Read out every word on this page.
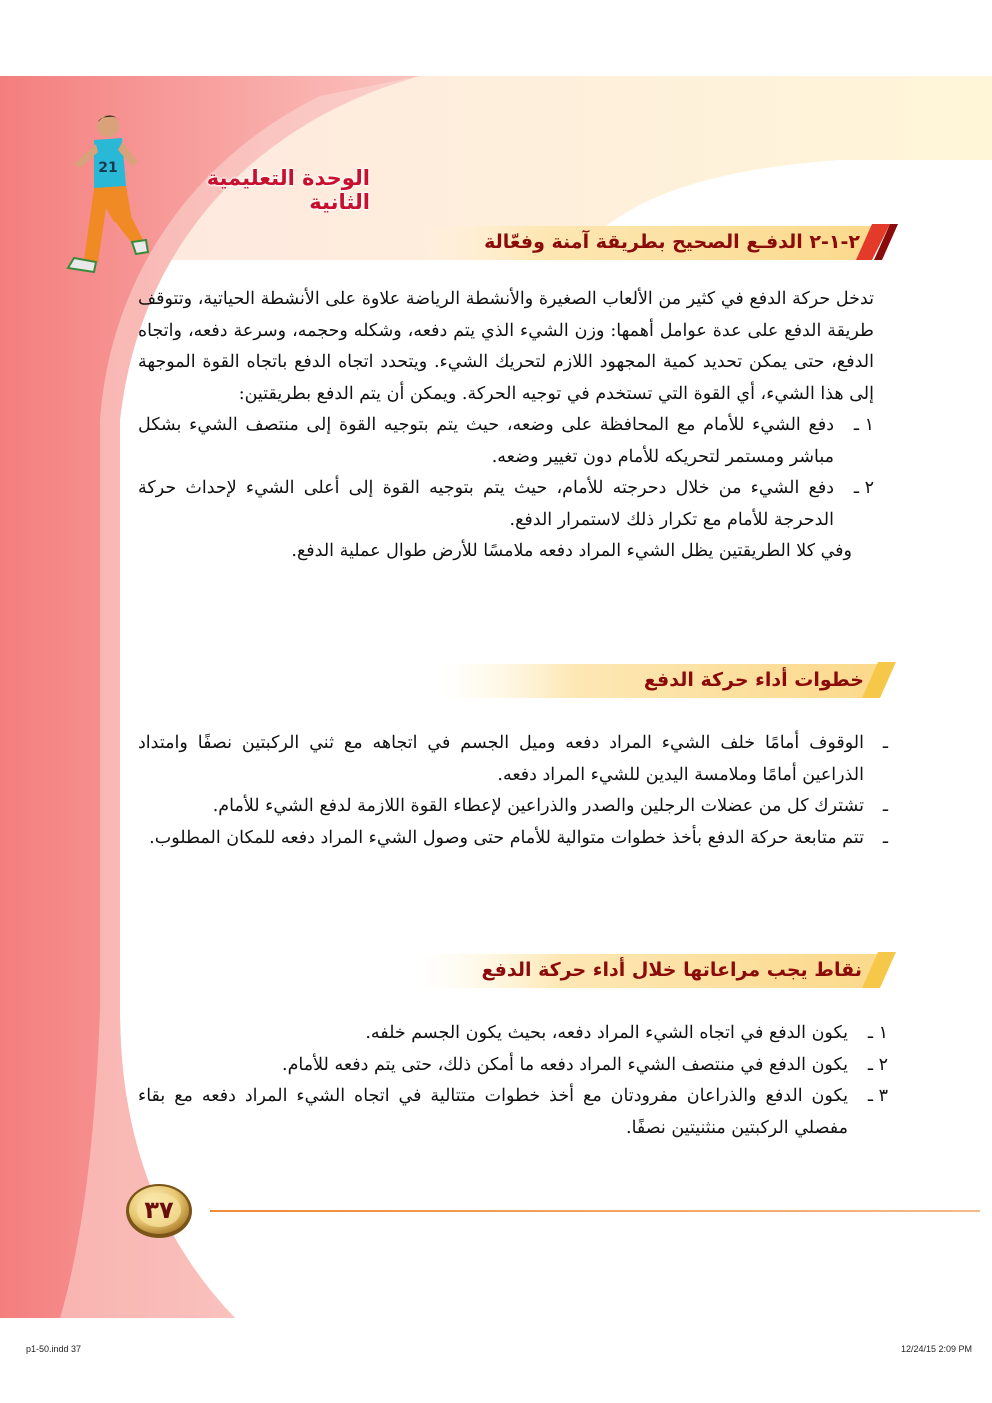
21	الوحدة التعليمية الثانية
٢-١-٢ الدفـع الصحيح بطريقة آمنة وفعّالة

تدخل حركة الدفع في كثير من الألعاب الصغيرة والأنشطة الرياضة علاوة على الأنشطة الحياتية، وتتوقف طريقة الدفع على عدة عوامل أهمها: وزن الشيء الذي يتم دفعه، وشكله وحجمه، وسرعة دفعه، واتجاه الدفع، حتى يمكن تحديد كمية المجهود اللازم لتحريك الشيء. ويتحدد اتجاه الدفع باتجاه القوة الموجهة إلى هذا الشيء، أي القوة التي تستخدم في توجيه الحركة. ويمكن أن يتم الدفع بطريقتين:

١ ـ
دفع الشيء للأمام مع المحافظة على وضعه، حيث يتم بتوجيه القوة إلى منتصف الشيء بشكل مباشر ومستمر لتحريكه للأمام دون تغيير وضعه.

٢ ـ
دفع الشيء من خلال دحرجته للأمام، حيث يتم بتوجيه القوة إلى أعلى الشيء لإحداث حركة الدحرجة للأمام مع تكرار ذلك لاستمرار الدفع.

وفي كلا الطريقتين يظل الشيء المراد دفعه ملامسًا للأرض طوال عملية الدفع.

خطوات أداء حركة الدفع

ـ
الوقوف أمامًا خلف الشيء المراد دفعه وميل الجسم في اتجاهه مع ثني الركبتين نصفًا وامتداد الذراعين أمامًا وملامسة اليدين للشيء المراد دفعه.

ـ
تشترك كل من عضلات الرجلين والصدر والذراعين لإعطاء القوة اللازمة لدفع الشيء للأمام.

ـ
تتم متابعة حركة الدفع بأخذ خطوات متوالية للأمام حتى وصول الشيء المراد دفعه للمكان المطلوب.

نقاط يجب مراعاتها خلال أداء حركة الدفع

١ ـ
يكون الدفع في اتجاه الشيء المراد دفعه، بحيث يكون الجسم خلفه.

٢ ـ
يكون الدفع في منتصف الشيء المراد دفعه ما أمكن ذلك، حتى يتم دفعه للأمام.

٣ ـ
يكون الدفع والذراعان مفرودتان مع أخذ خطوات متتالية في اتجاه الشيء المراد دفعه مع بقاء مفصلي الركبتين منثنيتين نصفًا.

٣٧
p1-50.indd 37	12/24/15 2:09 PM
